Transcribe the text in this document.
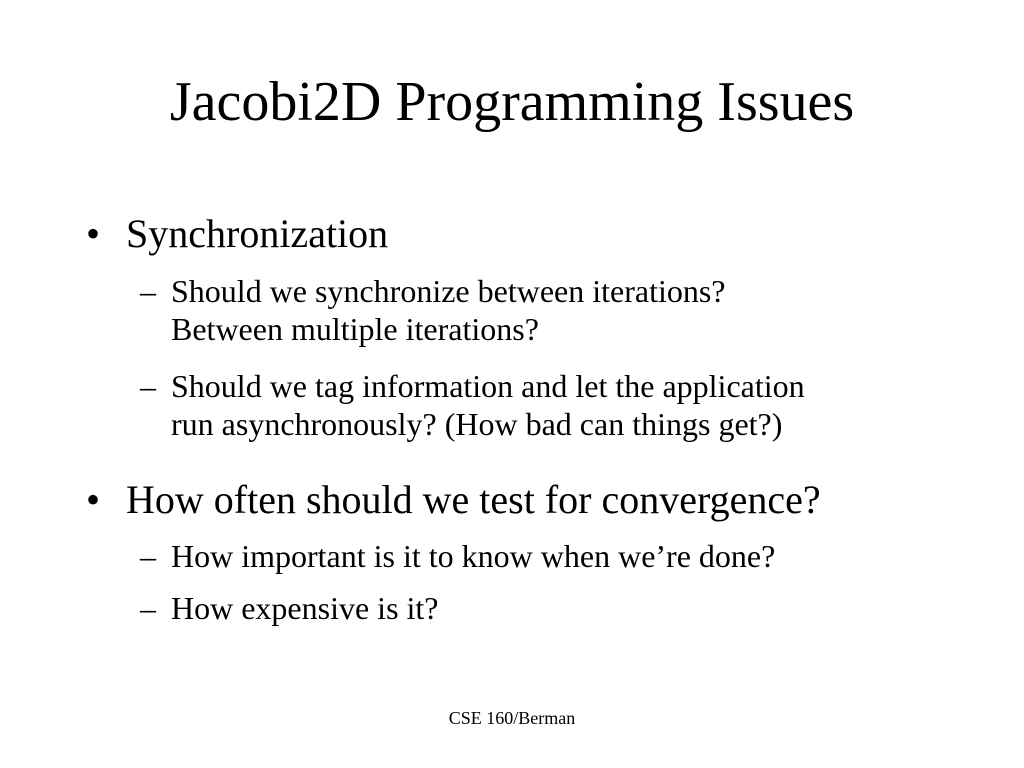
Jacobi2D Programming Issues
• Synchronization
– Should we synchronize between iterations?
Between multiple iterations?
– Should we tag information and let the application
run asynchronously? (How bad can things get?)
• How often should we test for convergence?
– How important is it to know when we’re done?
– How expensive is it?
CSE 160/Berman
